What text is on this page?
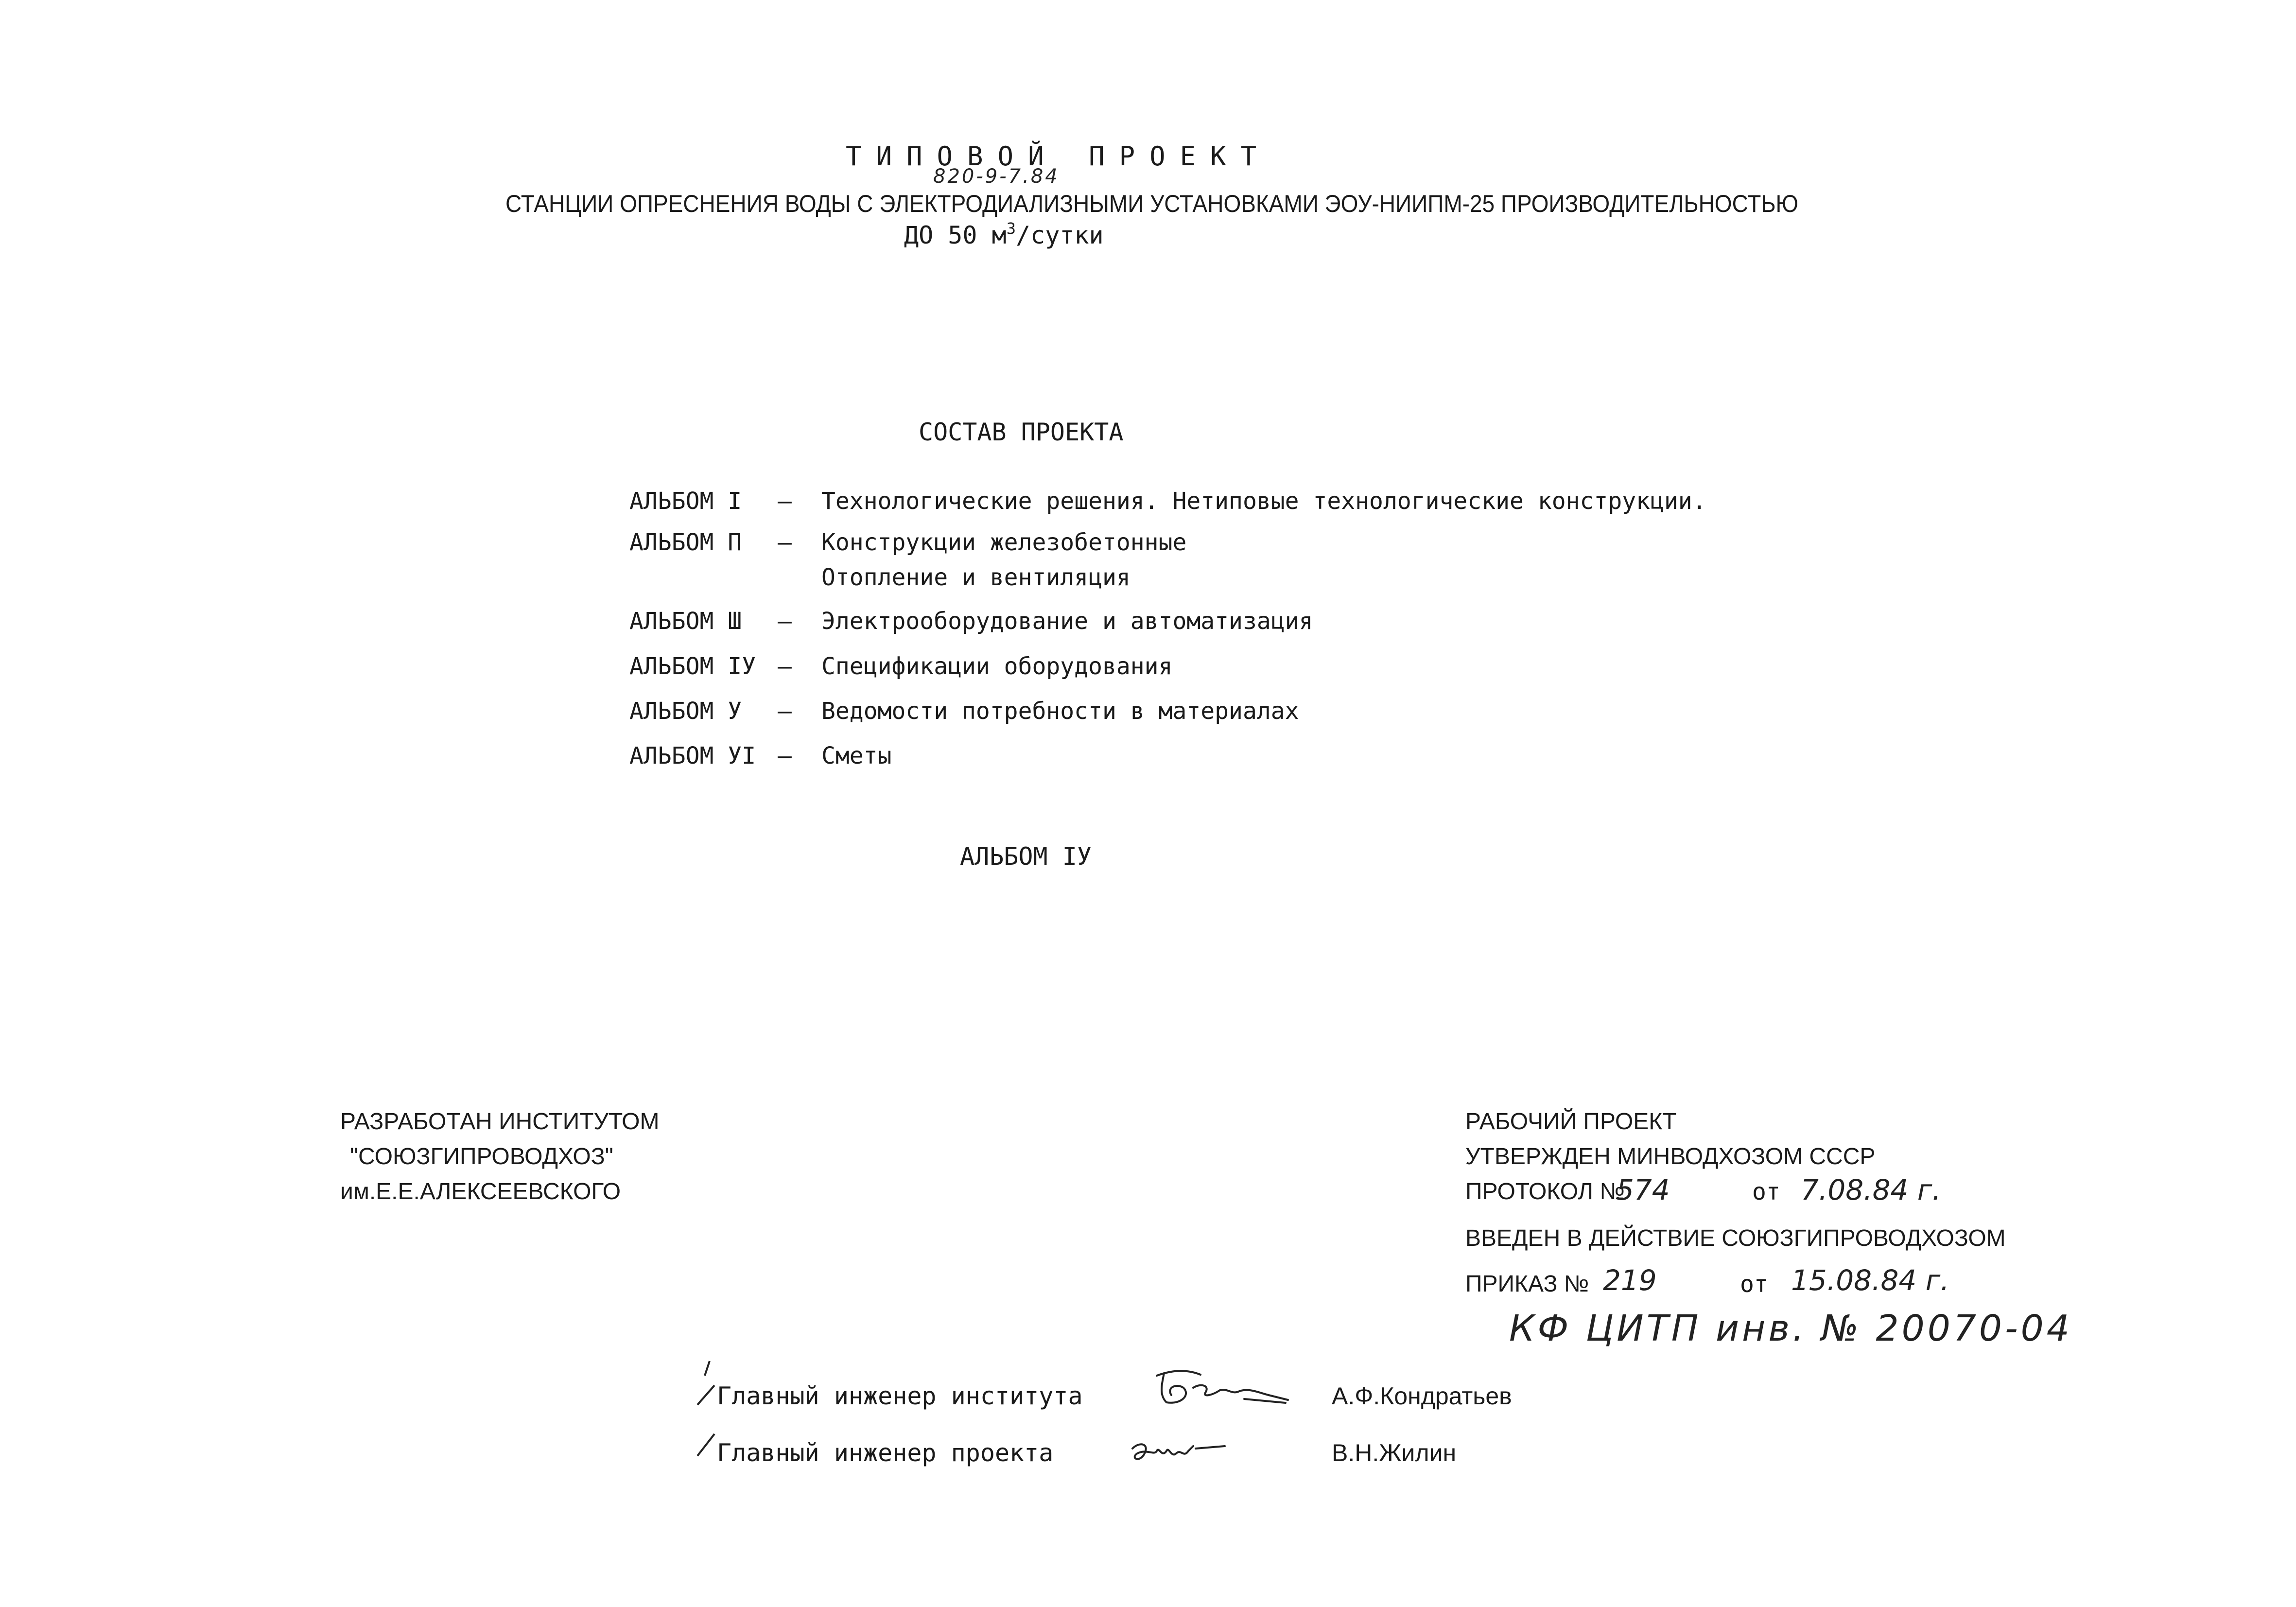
ТИПОВОЙ ПРОЕКТ
820-9-7.84
СТАНЦИИ ОПРЕСНЕНИЯ ВОДЫ С ЭЛЕКТРОДИАЛИЗНЫМИ УСТАНОВКАМИ ЭОУ-НИИПМ-25 ПРОИЗВОДИТЕЛЬНОСТЬЮ
ДО 50 $м^3$/сутки
СОСТАВ ПРОЕКТА
АЛЬБОМ I – Технологические решения. Нетиповые технологические конструкции.
АЛЬБОМ П – Конструкции железобетонные
Отопление и вентиляция
АЛЬБОМ Ш – Электрооборудование и автоматизация
АЛЬБОМ IУ – Спецификации оборудования
АЛЬБОМ У – Ведомости потребности в материалах
АЛЬБОМ УI – Сметы
АЛЬБОМ IУ
РАЗРАБОТАН ИНСТИТУТОМ
"СОЮЗГИПРОВОДХОЗ"
им.Е.Е.АЛЕКСЕЕВСКОГО
РАБОЧИЙ ПРОЕКТ
УТВЕРЖДЕН МИНВОДХОЗОМ СССР
ПРОТОКОЛ №
574	от 7.08.84 г.
ВВЕДЕН В ДЕЙСТВИЕ СОЮЗГИПРОВОДХОЗОМ
ПРИКАЗ № 219	от 15.08.84 г.
КФ ЦИТП инв. № 20070-04
Главный инженер института	А.Ф.Кондратьев
Главный инженер проекта	В.Н.Жилин
